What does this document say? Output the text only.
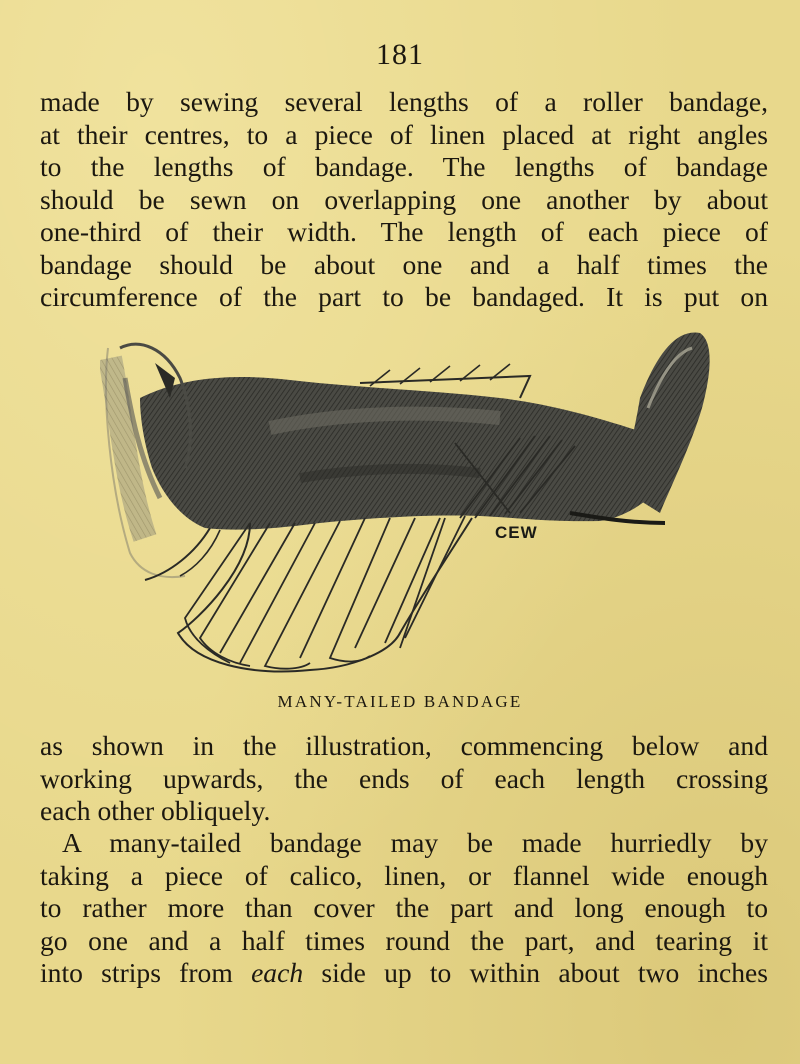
181
made by sewing several lengths of a roller bandage,
at their centres, to a piece of linen placed at right angles
to the lengths of bandage. The lengths of bandage
should be sewn on overlapping one another by about
one-third of their width. The length of each piece of
bandage should be about one and a half times the
circumference of the part to be bandaged. It is put on
CEW
MANY-TAILED BANDAGE
as shown in the illustration, commencing below and
working upwards, the ends of each length crossing
each other obliquely.
A many-tailed bandage may be made hurriedly by
taking a piece of calico, linen, or flannel wide enough
to rather more than cover the part and long enough to
go one and a half times round the part, and tearing it
into strips from each side up to within about two inches
